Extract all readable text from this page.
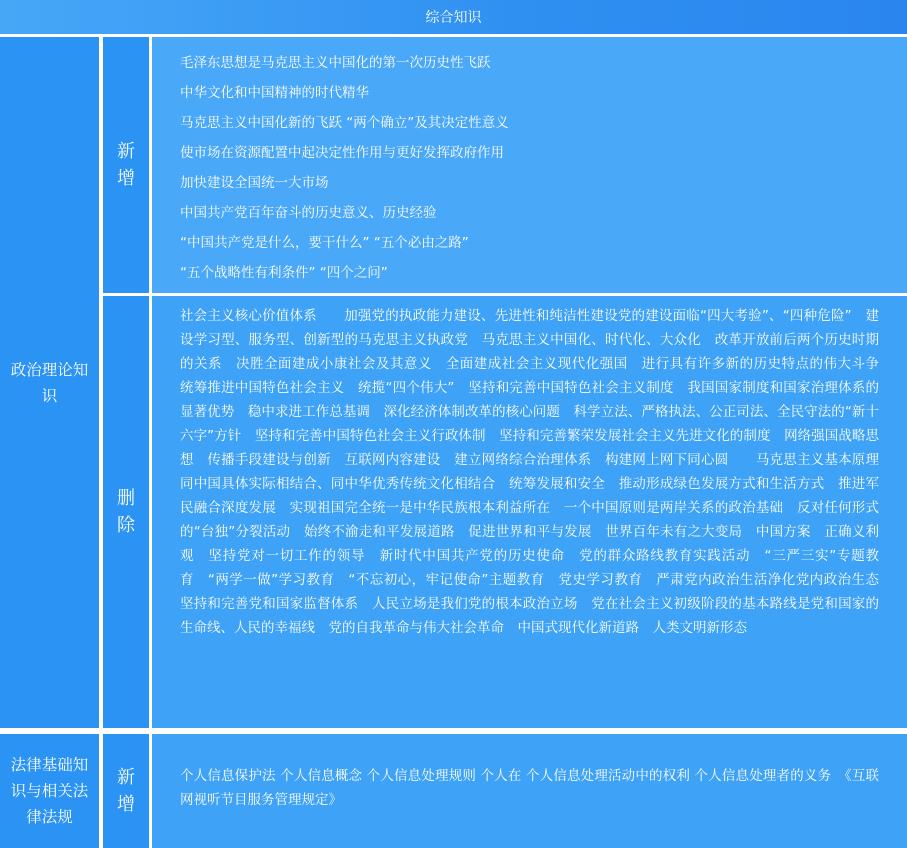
综合知识
政治理论知识
新增
毛泽东思想是马克思主义中国化的第一次历史性飞跃
中华文化和中国精神的时代精华
马克思主义中国化新的飞跃 “两个确立”及其决定性意义
使市场在资源配置中起决定性作用与更好发挥政府作用
加快建设全国统一大市场
中国共产党百年奋斗的历史意义、历史经验
“中国共产党是什么，要干什么” “五个必由之路”
“五个战略性有利条件” “四个之问”
删除

社会主义核心价值体系　　加强党的执政能力建设、先进性和纯洁性建设党的建设面临“四大考验”、“四种危险”　建设学习型、服务型、创新型的马克思主义执政党　马克思主义中国化、时代化、大众化　改革开放前后两个历史时期的关系　决胜全面建成小康社会及其意义　全面建成社会主义现代化强国　进行具有许多新的历史特点的伟大斗争　统筹推进中国特色社会主义　统揽“四个伟大”　坚持和完善中国特色社会主义制度　我国国家制度和国家治理体系的显著优势　稳中求进工作总基调　深化经济体制改革的核心问题　科学立法、严格执法、公正司法、全民守法的“新十六字”方针　坚持和完善中国特色社会主义行政体制　坚持和完善繁荣发展社会主义先进文化的制度　网络强国战略思想　传播手段建设与创新　互联网内容建设　建立网络综合治理体系　构建网上网下同心圆　　马克思主义基本原理同中国具体实际相结合、同中华优秀传统文化相结合　统筹发展和安全　推动形成绿色发展方式和生活方式　推进军民融合深度发展　实现祖国完全统一是中华民族根本利益所在　一个中国原则是两岸关系的政治基础　反对任何形式的“台独”分裂活动　始终不渝走和平发展道路　促进世界和平与发展　世界百年未有之大变局　中国方案　正确义利观　坚持党对一切工作的领导　新时代中国共产党的历史使命　党的群众路线教育实践活动　“三严三实”专题教育　“两学一做”学习教育　“不忘初心，牢记使命”主题教育　党史学习教育　严肃党内政治生活净化党内政治生态　坚持和完善党和国家监督体系　人民立场是我们党的根本政治立场　党在社会主义初级阶段的基本路线是党和国家的生命线、人民的幸福线　党的自我革命与伟大社会革命　中国式现代化新道路　人类文明新形态

法律基础知识与相关法律法规
新增

个人信息保护法 个人信息概念 个人信息处理规则 个人在 个人信息处理活动中的权利 个人信息处理者的义务　《互联网视听节目服务管理规定》
